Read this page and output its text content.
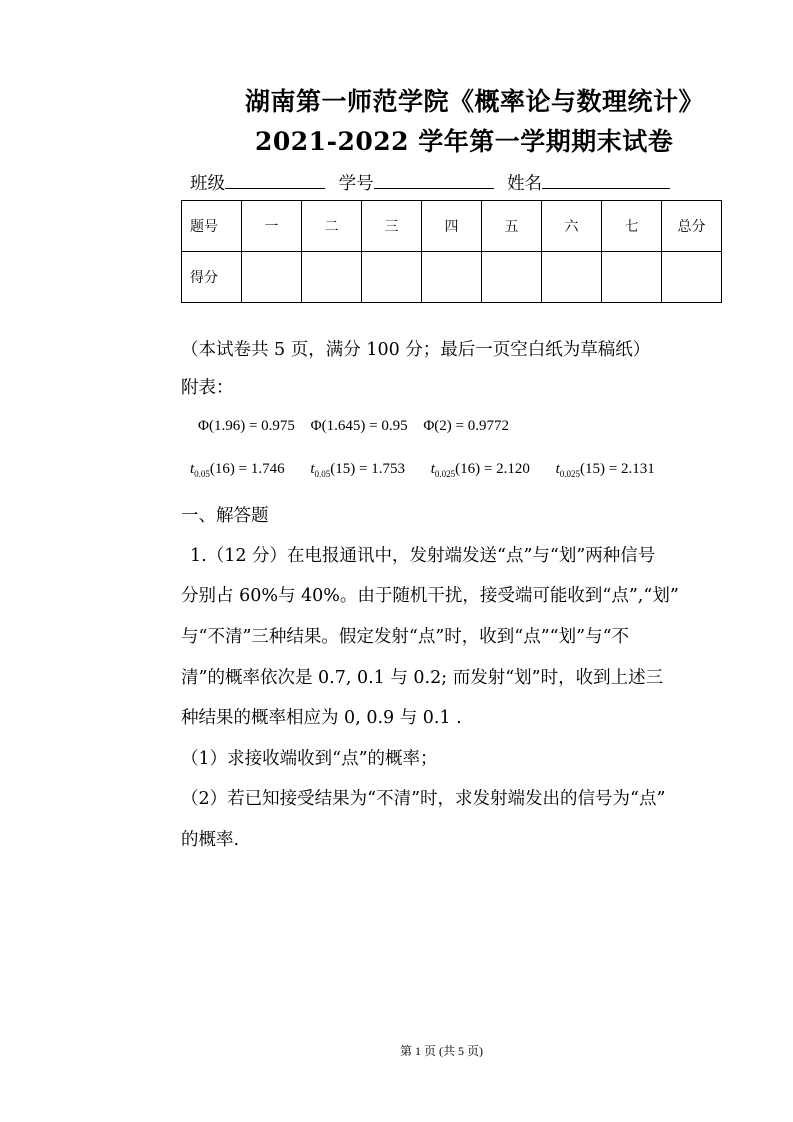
湖南第一师范学院《概率论与数理统计》
2021-2022 学年第一学期期末试卷
班级	学号	姓名
题号	一	二	三	四	五	六	七	总分
得分								
（本试卷共 5 页，满分 100 分；最后一页空白纸为草稿纸）
附表：
Φ(1.96) = 0.975 Φ(1.645) = 0.95 Φ(2) = 0.9772
$t_{0.05}(16) = 1.746$ $t_{0.05}(15) = 1.753$ $t_{0.025}(16) = 2.120$ $t_{0.025}(15) = 2.131$
一、解答题
1.（12 分）在电报通讯中，发射端发送“点”与“划”两种信号
分别占 60%与 40%。由于随机干扰，接受端可能收到“点”,“划”
与“不清”三种结果。假定发射“点”时，收到“点”“划”与“不
清”的概率依次是 0.7, 0.1 与 0.2; 而发射“划”时，收到上述三
种结果的概率相应为 0, 0.9 与 0.1 .
（1）求接收端收到“点”的概率；
（2）若已知接受结果为“不清”时，求发射端发出的信号为“点”
的概率.
第 1 页 (共 5 页)
